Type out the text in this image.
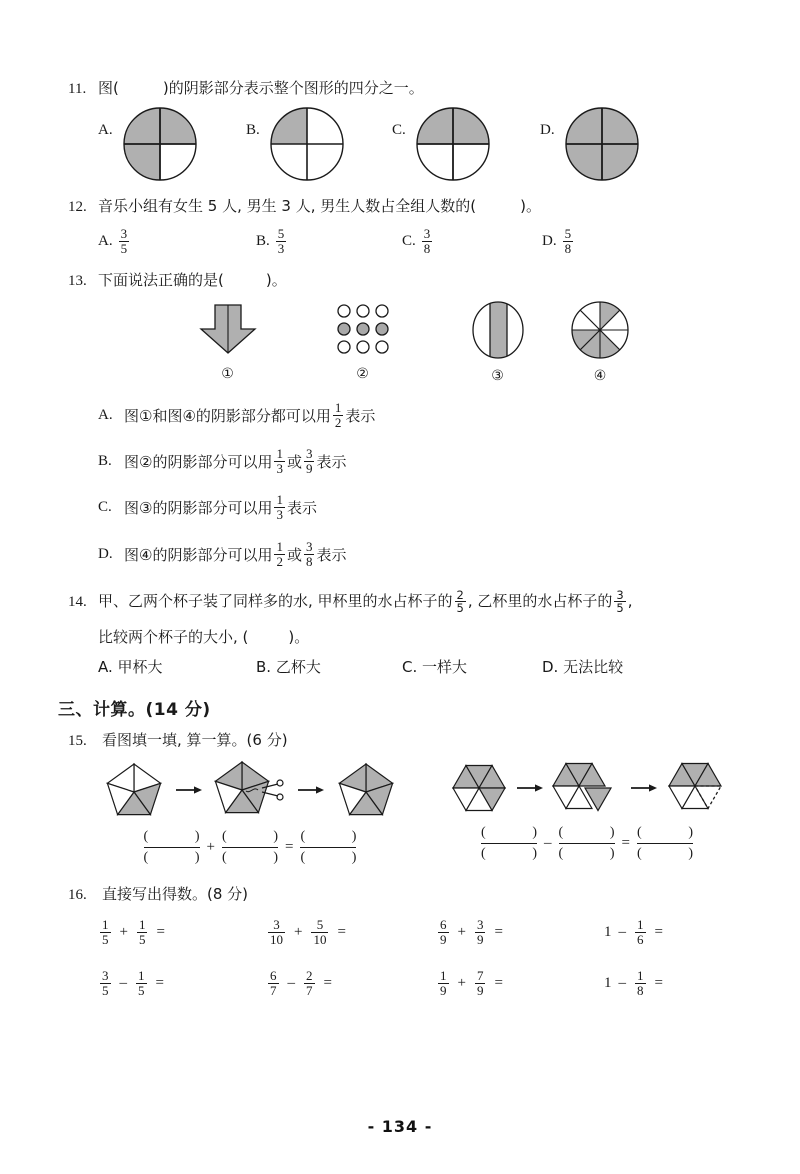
11. 图(	)的阴影部分表示整个图形的四分之一。
A.	B.	C.	D.
12. 音乐小组有女生 5 人, 男生 3 人, 男生人数占全组人数的(	)。
A. $\frac{3}{5}$	B. $\frac{5}{3}$	C. $\frac{3}{8}$	D. $\frac{5}{8}$
13. 下面说法正确的是(	)。
①	②	③	④
A. 图①和图④的阴影部分都可以用 $\frac{1}{2}$ 表示
B. 图②的阴影部分可以用 $\frac{1}{3}$ 或 $\frac{3}{9}$ 表示
C. 图③的阴影部分可以用 $\frac{1}{3}$ 表示
D. 图④的阴影部分可以用 $\frac{1}{2}$ 或 $\frac{3}{8}$ 表示
14. 甲、乙两个杯子装了同样多的水, 甲杯里的水占杯子的 $\frac{2}{5}$ , 乙杯里的水占杯子的 $\frac{3}{5}$ ,
比较两个杯子的大小, (	)。
A. 甲杯大	B. 乙杯大	C. 一样大	D. 无法比较
三、计算。(14 分)
15.	看图填一填, 算一算。(6 分)
(	)
(	) + (	)
(	) = (	)
(	)	(	)
(	) – (	)
(	) = (	)
(	)
16.	直接写出得数。(8 分)
$\frac{1}{5} + \frac{1}{5}$ =	$\frac{3}{10} + \frac{5}{10}$ =	$\frac{6}{9} + \frac{3}{9}$ =	$1 - \frac{1}{6}$ =
$\frac{3}{5} - \frac{1}{5}$ =	$\frac{6}{7} - \frac{2}{7}$ =	$\frac{1}{9} + \frac{7}{9}$ =	$1 - \frac{1}{8}$ =
- 134 -
